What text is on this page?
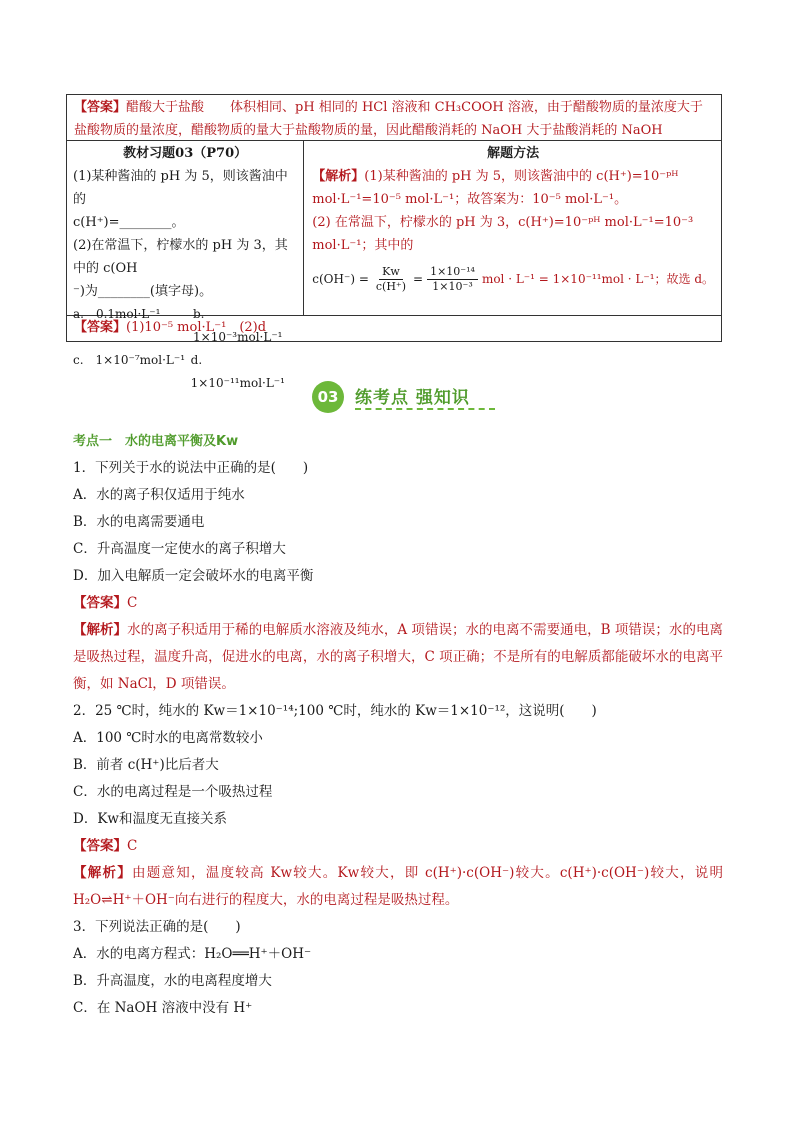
【答案】醋酸大于盐酸　　体积相同、pH 相同的 HCl 溶液和 CH₃COOH 溶液，由于醋酸物质的量浓度大于盐酸物质的量浓度，醋酸物质的量大于盐酸物质的量，因此醋酸消耗的 NaOH 大于盐酸消耗的 NaOH
教材习题03（P70）
(1)某种酱油的 pH 为 5，则该酱油中的
c(H⁺)=________。
(2)在常温下，柠檬水的 pH 为 3，其中的 c(OH
⁻)为________(填字母)。
a.　0.1mol·L⁻¹	b.　1×10⁻³mol·L⁻¹
c.　1×10⁻⁷mol·L⁻¹ d.　1×10⁻¹¹mol·L⁻¹
解题方法
【解析】(1)某种酱油的 pH 为 5，则该酱油中的 c(H⁺)=10⁻ᵖᴴ mol·L⁻¹=10⁻⁵ mol·L⁻¹；故答案为：10⁻⁵ mol·L⁻¹。
(2) 在常温下，柠檬水的 pH 为 3，c(H⁺)=10⁻ᵖᴴ mol·L⁻¹=10⁻³ mol·L⁻¹；其中的
$c(OH^-) = \frac{Kw}{c(H^+)} = \frac{\text{1×10⁻¹⁴}}{\text{1×10⁻³}}$ mol · L⁻¹ = 1×10⁻¹¹mol · L⁻¹；故选 d。
【答案】(1)10⁻⁵ mol·L⁻¹　(2)d
03 练考点 强知识

考点一　水的电离平衡及Kw

1．下列关于水的说法中正确的是(　　)

A．水的离子积仅适用于纯水

B．水的电离需要通电

C．升高温度一定使水的离子积增大

D．加入电解质一定会破坏水的电离平衡

【答案】C

【解析】水的离子积适用于稀的电解质水溶液及纯水，A 项错误；水的电离不需要通电，B 项错误；水的电离是吸热过程，温度升高，促进水的电离，水的离子积增大，C 项正确；不是所有的电解质都能破坏水的电离平衡，如 NaCl，D 项错误。

2．25 ℃时，纯水的 Kw＝1×10⁻¹⁴;100 ℃时，纯水的 Kw＝1×10⁻¹²，这说明(　　)

A．100 ℃时水的电离常数较小

B．前者 c(H⁺)比后者大

C．水的电离过程是一个吸热过程

D．Kw和温度无直接关系

【答案】C

【解析】由题意知，温度较高 Kw较大。Kw较大，即 c(H⁺)·c(OH⁻)较大。c(H⁺)·c(OH⁻)较大，说明 H₂O⇌H⁺＋OH⁻向右进行的程度大，水的电离过程是吸热过程。

3．下列说法正确的是(　　)

A．水的电离方程式：H₂O══H⁺＋OH⁻

B．升高温度，水的电离程度增大

C．在 NaOH 溶液中没有 H⁺
